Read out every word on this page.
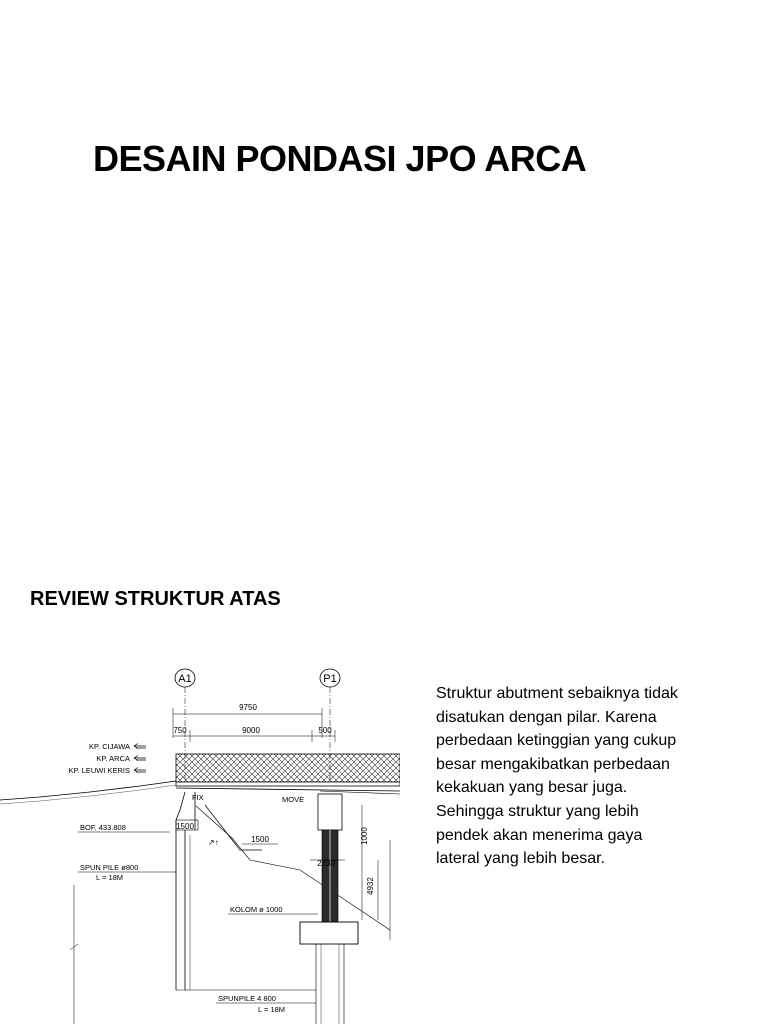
DESAIN PONDASI JPO ARCA
REVIEW STRUKTUR ATAS
A1	P1
9750
750	9000	500
KP. CIJAWA
KP. ARCA
KP. LEUWI KERIS
FIX	MOVE
↗↑
BOF. 433.808	1500
1500	1000
4932
2230
SPUN PILE ø800
L = 18M
KOLOM ø 1000
SPUNPILE 4 800
L = 18M
Struktur abutment sebaiknya tidak
disatukan dengan pilar. Karena
perbedaan ketinggian yang cukup
besar mengakibatkan perbedaan
kekakuan yang besar juga.
Sehingga struktur yang lebih
pendek akan menerima gaya
lateral yang lebih besar.
